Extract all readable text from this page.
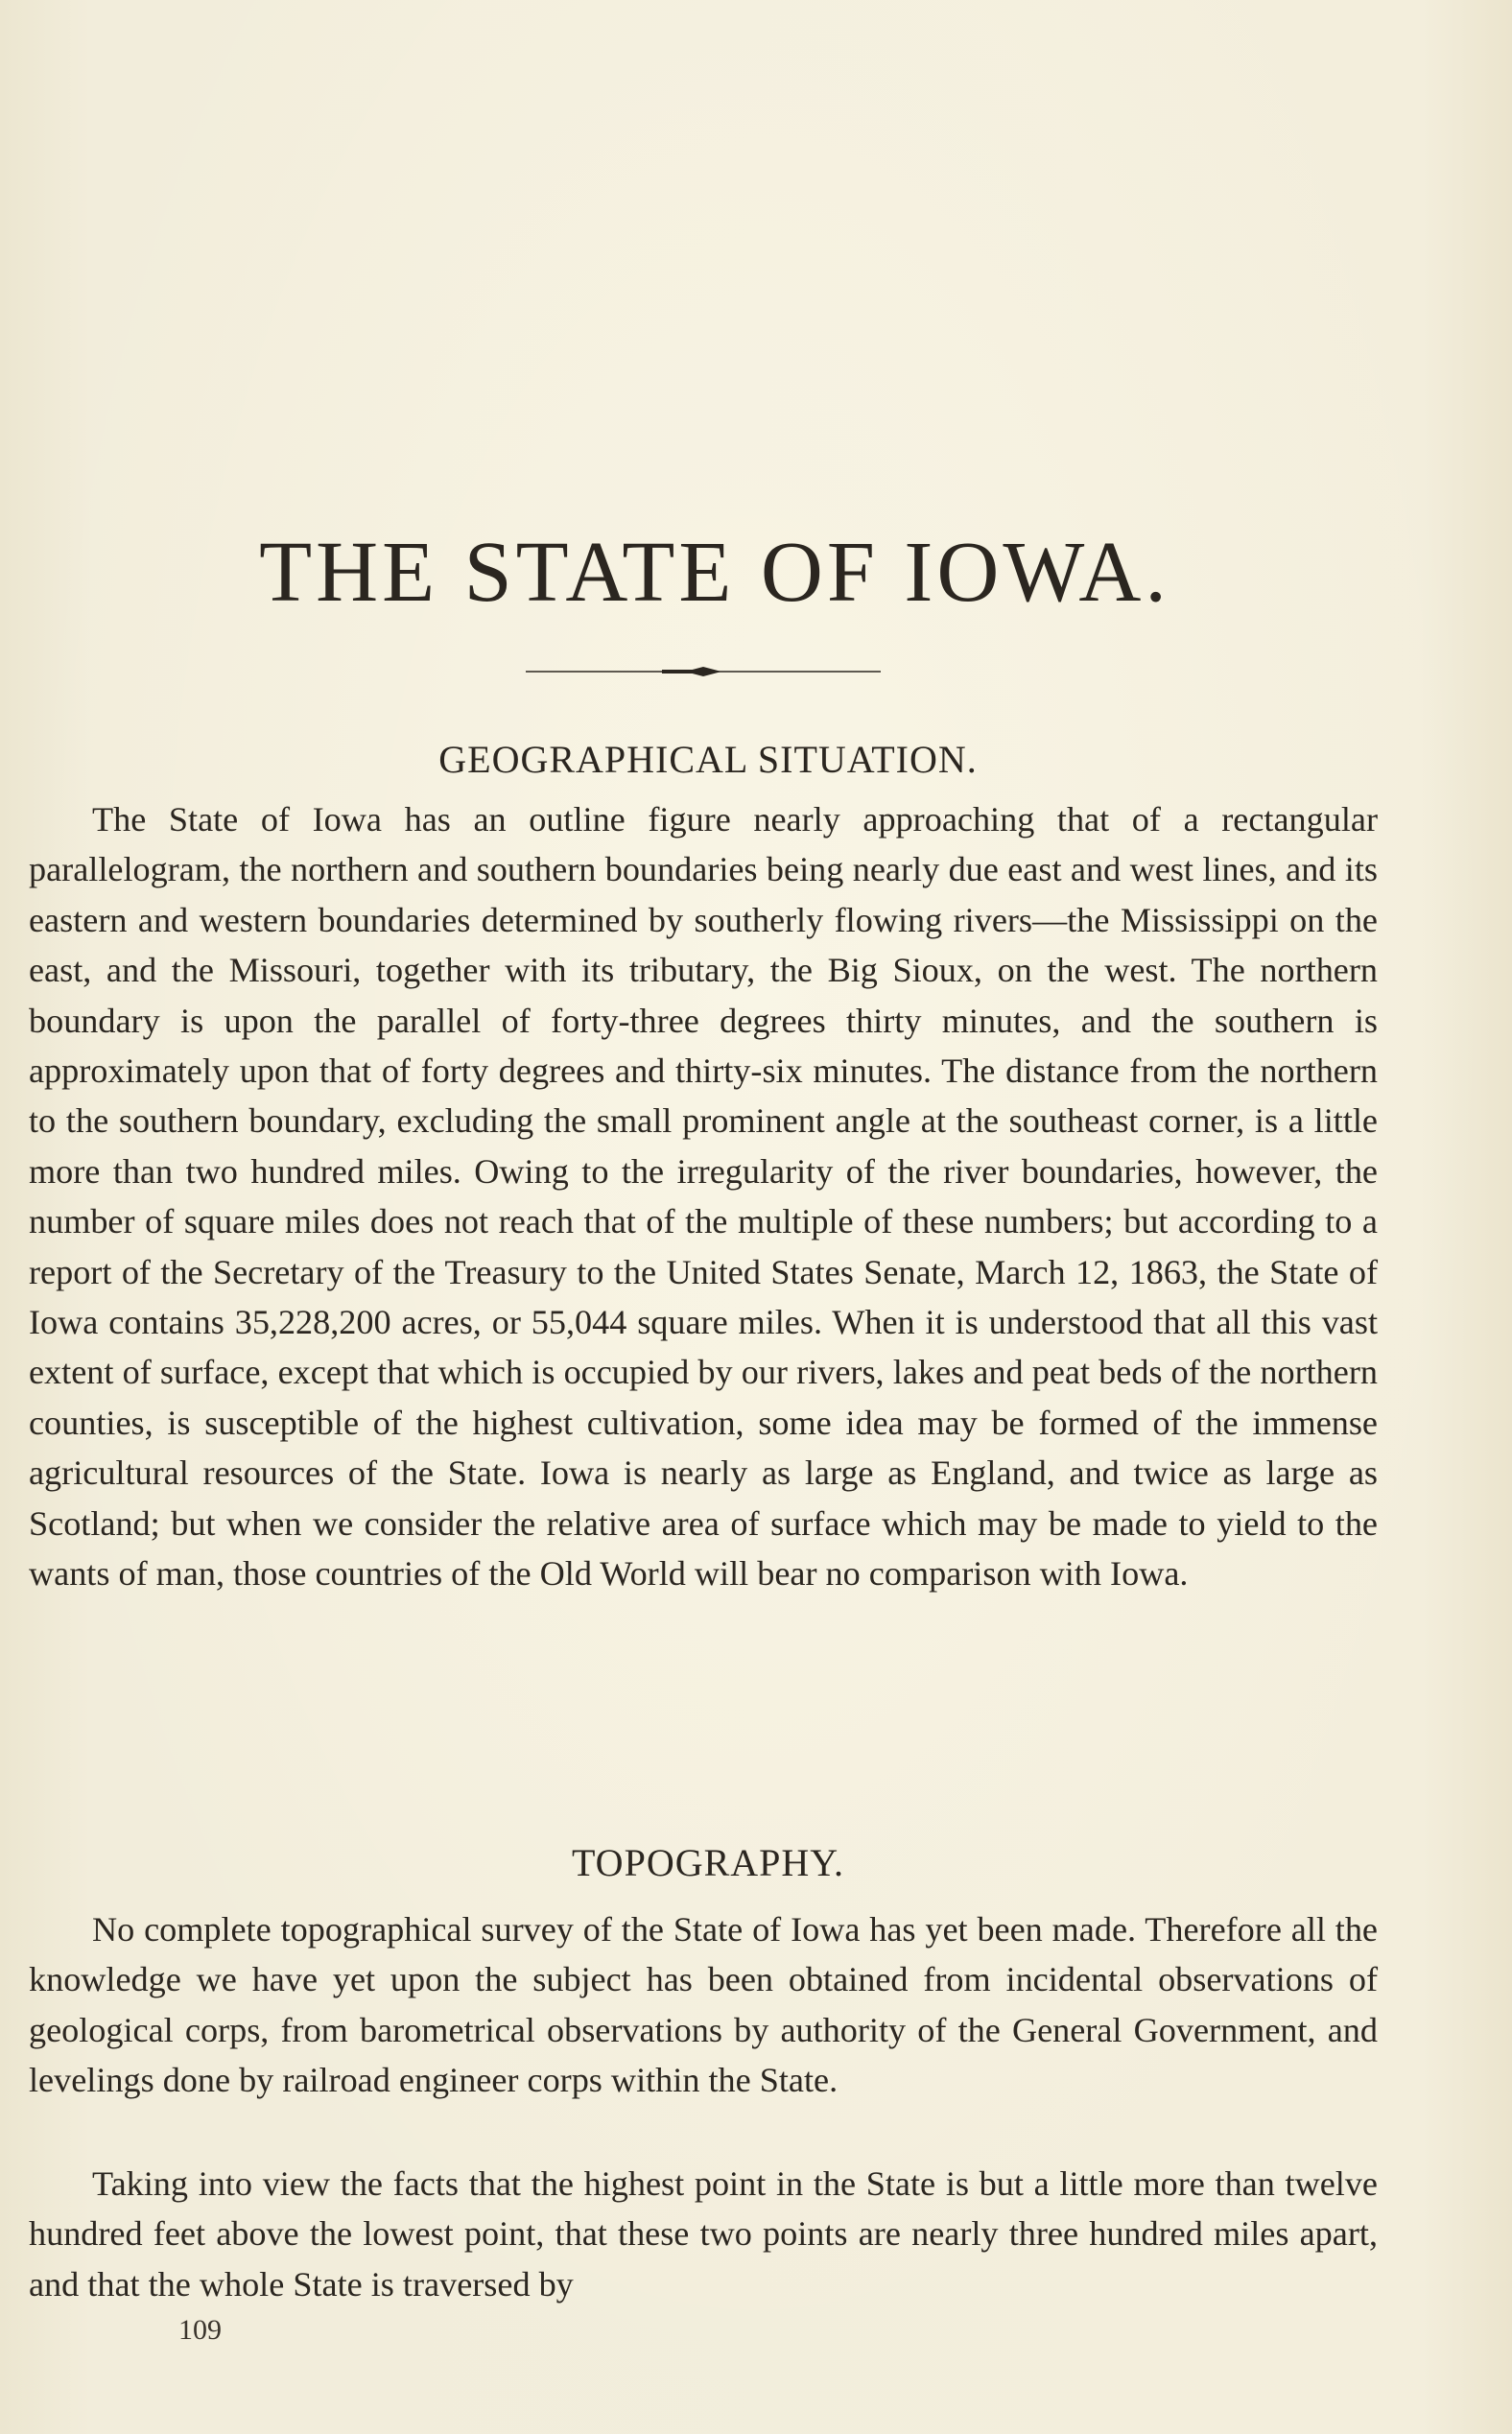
THE STATE OF IOWA.
GEOGRAPHICAL SITUATION.

The State of Iowa has an outline figure nearly approaching that of a rectangular parallelogram, the northern and southern boundaries being nearly due east and west lines, and its eastern and western boundaries determined by southerly flowing rivers—the Mississippi on the east, and the Missouri, together with its tributary, the Big Sioux, on the west. The northern boundary is upon the parallel of forty-three degrees thirty minutes, and the southern is approximately upon that of forty degrees and thirty-six minutes. The distance from the northern to the southern boundary, excluding the small prominent angle at the southeast corner, is a little more than two hundred miles. Owing to the irregularity of the river boundaries, however, the number of square miles does not reach that of the multiple of these numbers; but according to a report of the Secretary of the Treasury to the United States Senate, March 12, 1863, the State of Iowa contains 35,228,200 acres, or 55,044 square miles. When it is understood that all this vast extent of surface, except that which is occupied by our rivers, lakes and peat beds of the northern counties, is susceptible of the highest cultivation, some idea may be formed of the immense agricultural resources of the State. Iowa is nearly as large as England, and twice as large as Scotland; but when we consider the relative area of surface which may be made to yield to the wants of man, those countries of the Old World will bear no comparison with Iowa.

TOPOGRAPHY.

No complete topographical survey of the State of Iowa has yet been made. Therefore all the knowledge we have yet upon the subject has been obtained from incidental observations of geological corps, from barometrical observations by authority of the General Government, and levelings done by railroad engineer corps within the State.

Taking into view the facts that the highest point in the State is but a little more than twelve hundred feet above the lowest point, that these two points are nearly three hundred miles apart, and that the whole State is traversed by

109
